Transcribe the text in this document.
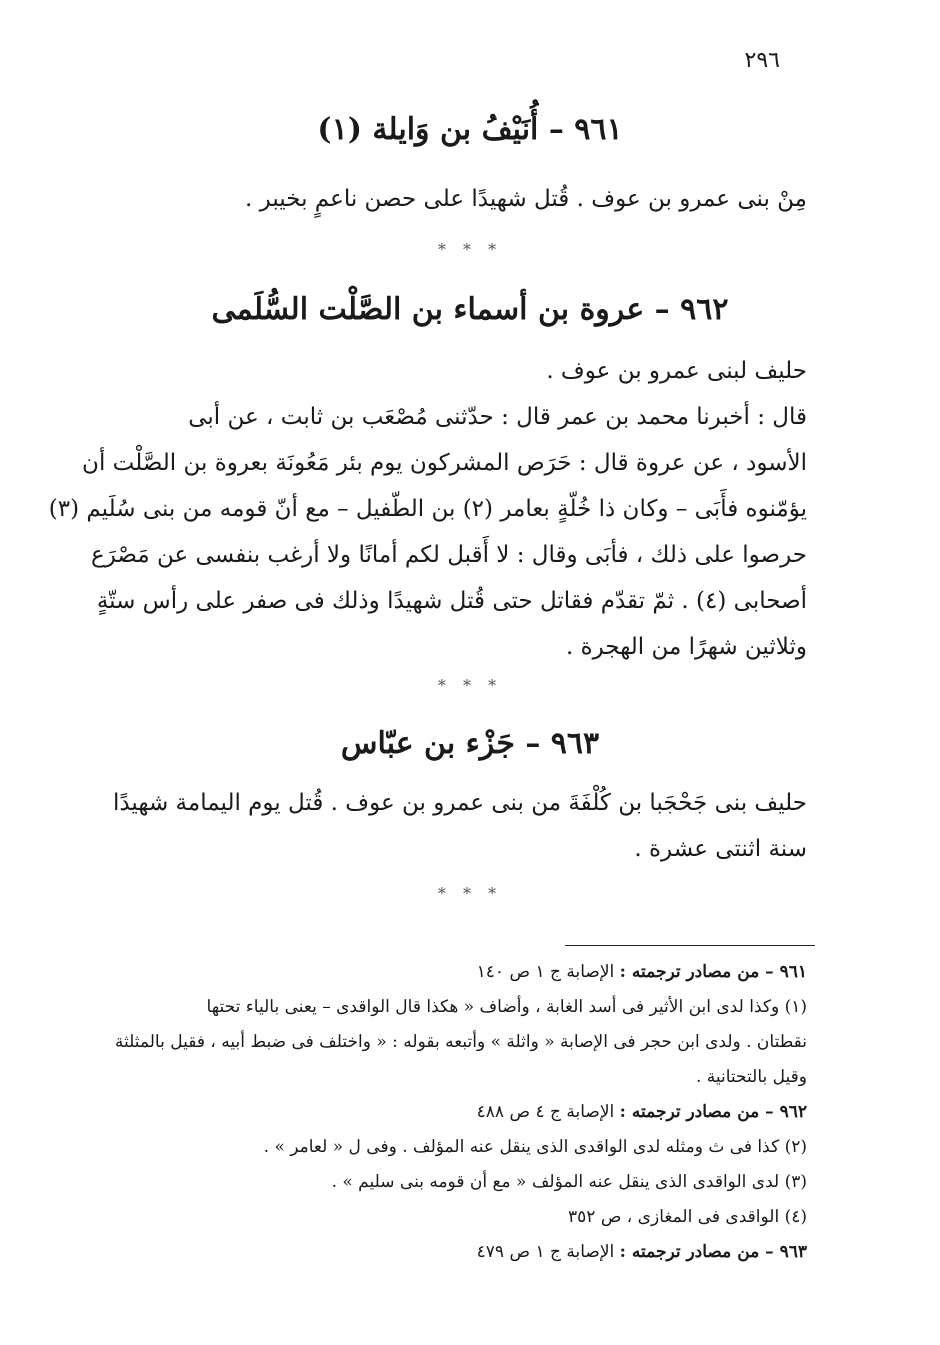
٢٩٦
٩٦١ – أُنَيْفُ بن وَايلة (١)
مِنْ بنى عمرو بن عوف . قُتل شهيدًا على حصن ناعمٍ بخيبر .
* * *
٩٦٢ – عروة بن أسماء بن الصَّلْت السُّلَمى
حليف لبنى عمرو بن عوف .
قال : أخبرنا محمد بن عمر قال : حدّثنى مُصْعَب بن ثابت ، عن أبى
الأسود ، عن عروة قال : حَرَص المشركون يوم بئر مَعُونَة بعروة بن الصَّلْت أن
يؤمّنوه فأَبَى – وكان ذا خُلّةٍ بعامر (٢) بن الطّفيل – مع أنّ قومه من بنى سُلَيم (٣)
حرصوا على ذلك ، فأبَى وقال : لا أَقبل لكم أمانًا ولا أرغب بنفسى عن مَصْرَع
أصحابى (٤) . ثمّ تقدّم فقاتل حتى قُتل شهيدًا وذلك فى صفر على رأس ستّةٍ
وثلاثين شهرًا من الهجرة .
* * *
٩٦٣ – جَزْء بن عبّاس
حليف بنى جَحْجَبا بن كُلْفَةَ من بنى عمرو بن عوف . قُتل يوم اليمامة شهيدًا
سنة اثنتى عشرة .
* * *
٩٦١ – من مصادر ترجمته : الإصابة ج ١ ص ١٤٠
(١) وكذا لدى ابن الأثير فى أسد الغابة ، وأضاف « هكذا قال الواقدى – يعنى بالياء تحتها
نقطتان . ولدى ابن حجر فى الإصابة « واثلة » وأتبعه بقوله : « واختلف فى ضبط أبيه ، فقيل بالمثلثة
وقيل بالتحتانية .
٩٦٢ – من مصادر ترجمته : الإصابة ج ٤ ص ٤٨٨
(٢) كذا فى ث ومثله لدى الواقدى الذى ينقل عنه المؤلف . وفى ل « لعامر » .
(٣) لدى الواقدى الذى ينقل عنه المؤلف « مع أن قومه بنى سليم » .
(٤) الواقدى فى المغازى ، ص ٣٥٢
٩٦٣ – من مصادر ترجمته : الإصابة ج ١ ص ٤٧٩
